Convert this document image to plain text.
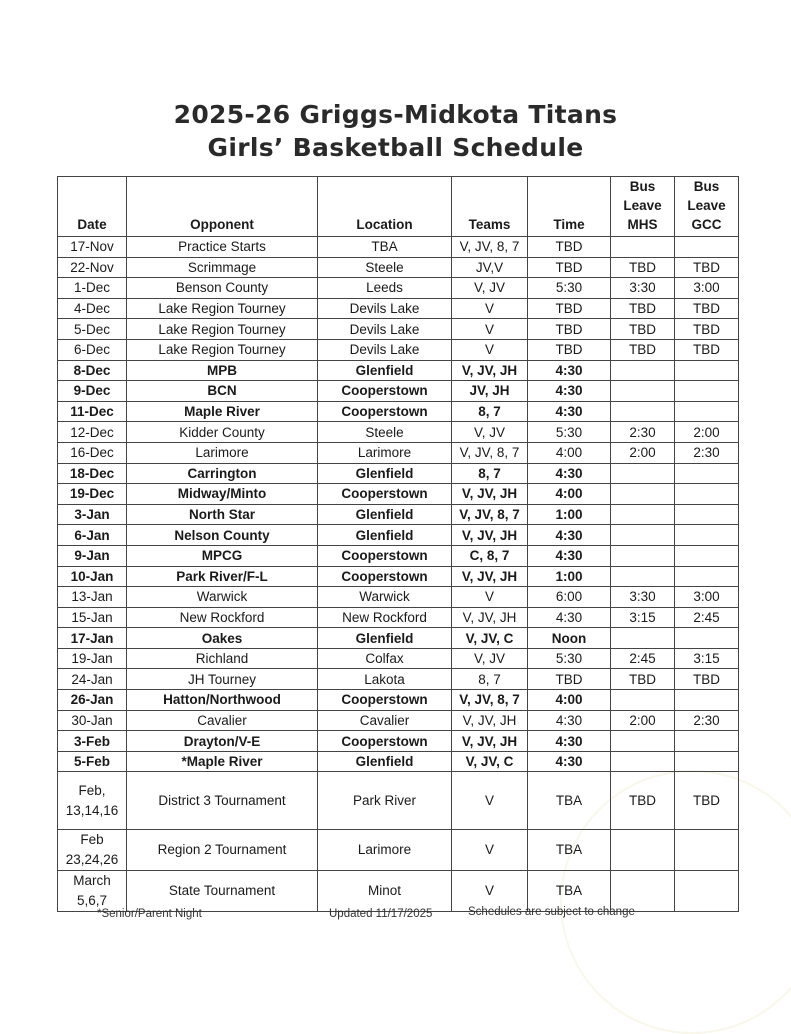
2025-26 Griggs-Midkota Titans
Girls’ Basketball Schedule
Date	Opponent	Location	Teams	Time	Bus Leave MHS	Bus Leave GCC
17-Nov	Practice Starts	TBA	V, JV, 8, 7	TBD		
22-Nov	Scrimmage	Steele	JV,V	TBD	TBD	TBD
1-Dec	Benson County	Leeds	V, JV	5:30	3:30	3:00
4-Dec	Lake Region Tourney	Devils Lake	V	TBD	TBD	TBD
5-Dec	Lake Region Tourney	Devils Lake	V	TBD	TBD	TBD
6-Dec	Lake Region Tourney	Devils Lake	V	TBD	TBD	TBD
8-Dec	MPB	Glenfield	V, JV, JH	4:30		
9-Dec	BCN	Cooperstown	JV, JH	4:30		
11-Dec	Maple River	Cooperstown	8, 7	4:30		
12-Dec	Kidder County	Steele	V, JV	5:30	2:30	2:00
16-Dec	Larimore	Larimore	V, JV, 8, 7	4:00	2:00	2:30
18-Dec	Carrington	Glenfield	8, 7	4:30		
19-Dec	Midway/Minto	Cooperstown	V, JV, JH	4:00		
3-Jan	North Star	Glenfield	V, JV, 8, 7	1:00		
6-Jan	Nelson County	Glenfield	V, JV, JH	4:30		
9-Jan	MPCG	Cooperstown	C, 8, 7	4:30		
10-Jan	Park River/F-L	Cooperstown	V, JV, JH	1:00		
13-Jan	Warwick	Warwick	V	6:00	3:30	3:00
15-Jan	New Rockford	New Rockford	V, JV, JH	4:30	3:15	2:45
17-Jan	Oakes	Glenfield	V, JV, C	Noon		
19-Jan	Richland	Colfax	V, JV	5:30	2:45	3:15
24-Jan	JH Tourney	Lakota	8, 7	TBD	TBD	TBD
26-Jan	Hatton/Northwood	Cooperstown	V, JV, 8, 7	4:00		
30-Jan	Cavalier	Cavalier	V, JV, JH	4:30	2:00	2:30
3-Feb	Drayton/V-E	Cooperstown	V, JV, JH	4:30		
5-Feb	*Maple River	Glenfield	V, JV, C	4:30		
Feb, 13,14,16	District 3 Tournament	Park River	V	TBA	TBD	TBD
Feb 23,24,26	Region 2 Tournament	Larimore	V	TBA		
March 5,6,7	State Tournament	Minot	V	TBA		
*Senior/Parent Night	Updated 11/17/2025	Schedules are subject to change
